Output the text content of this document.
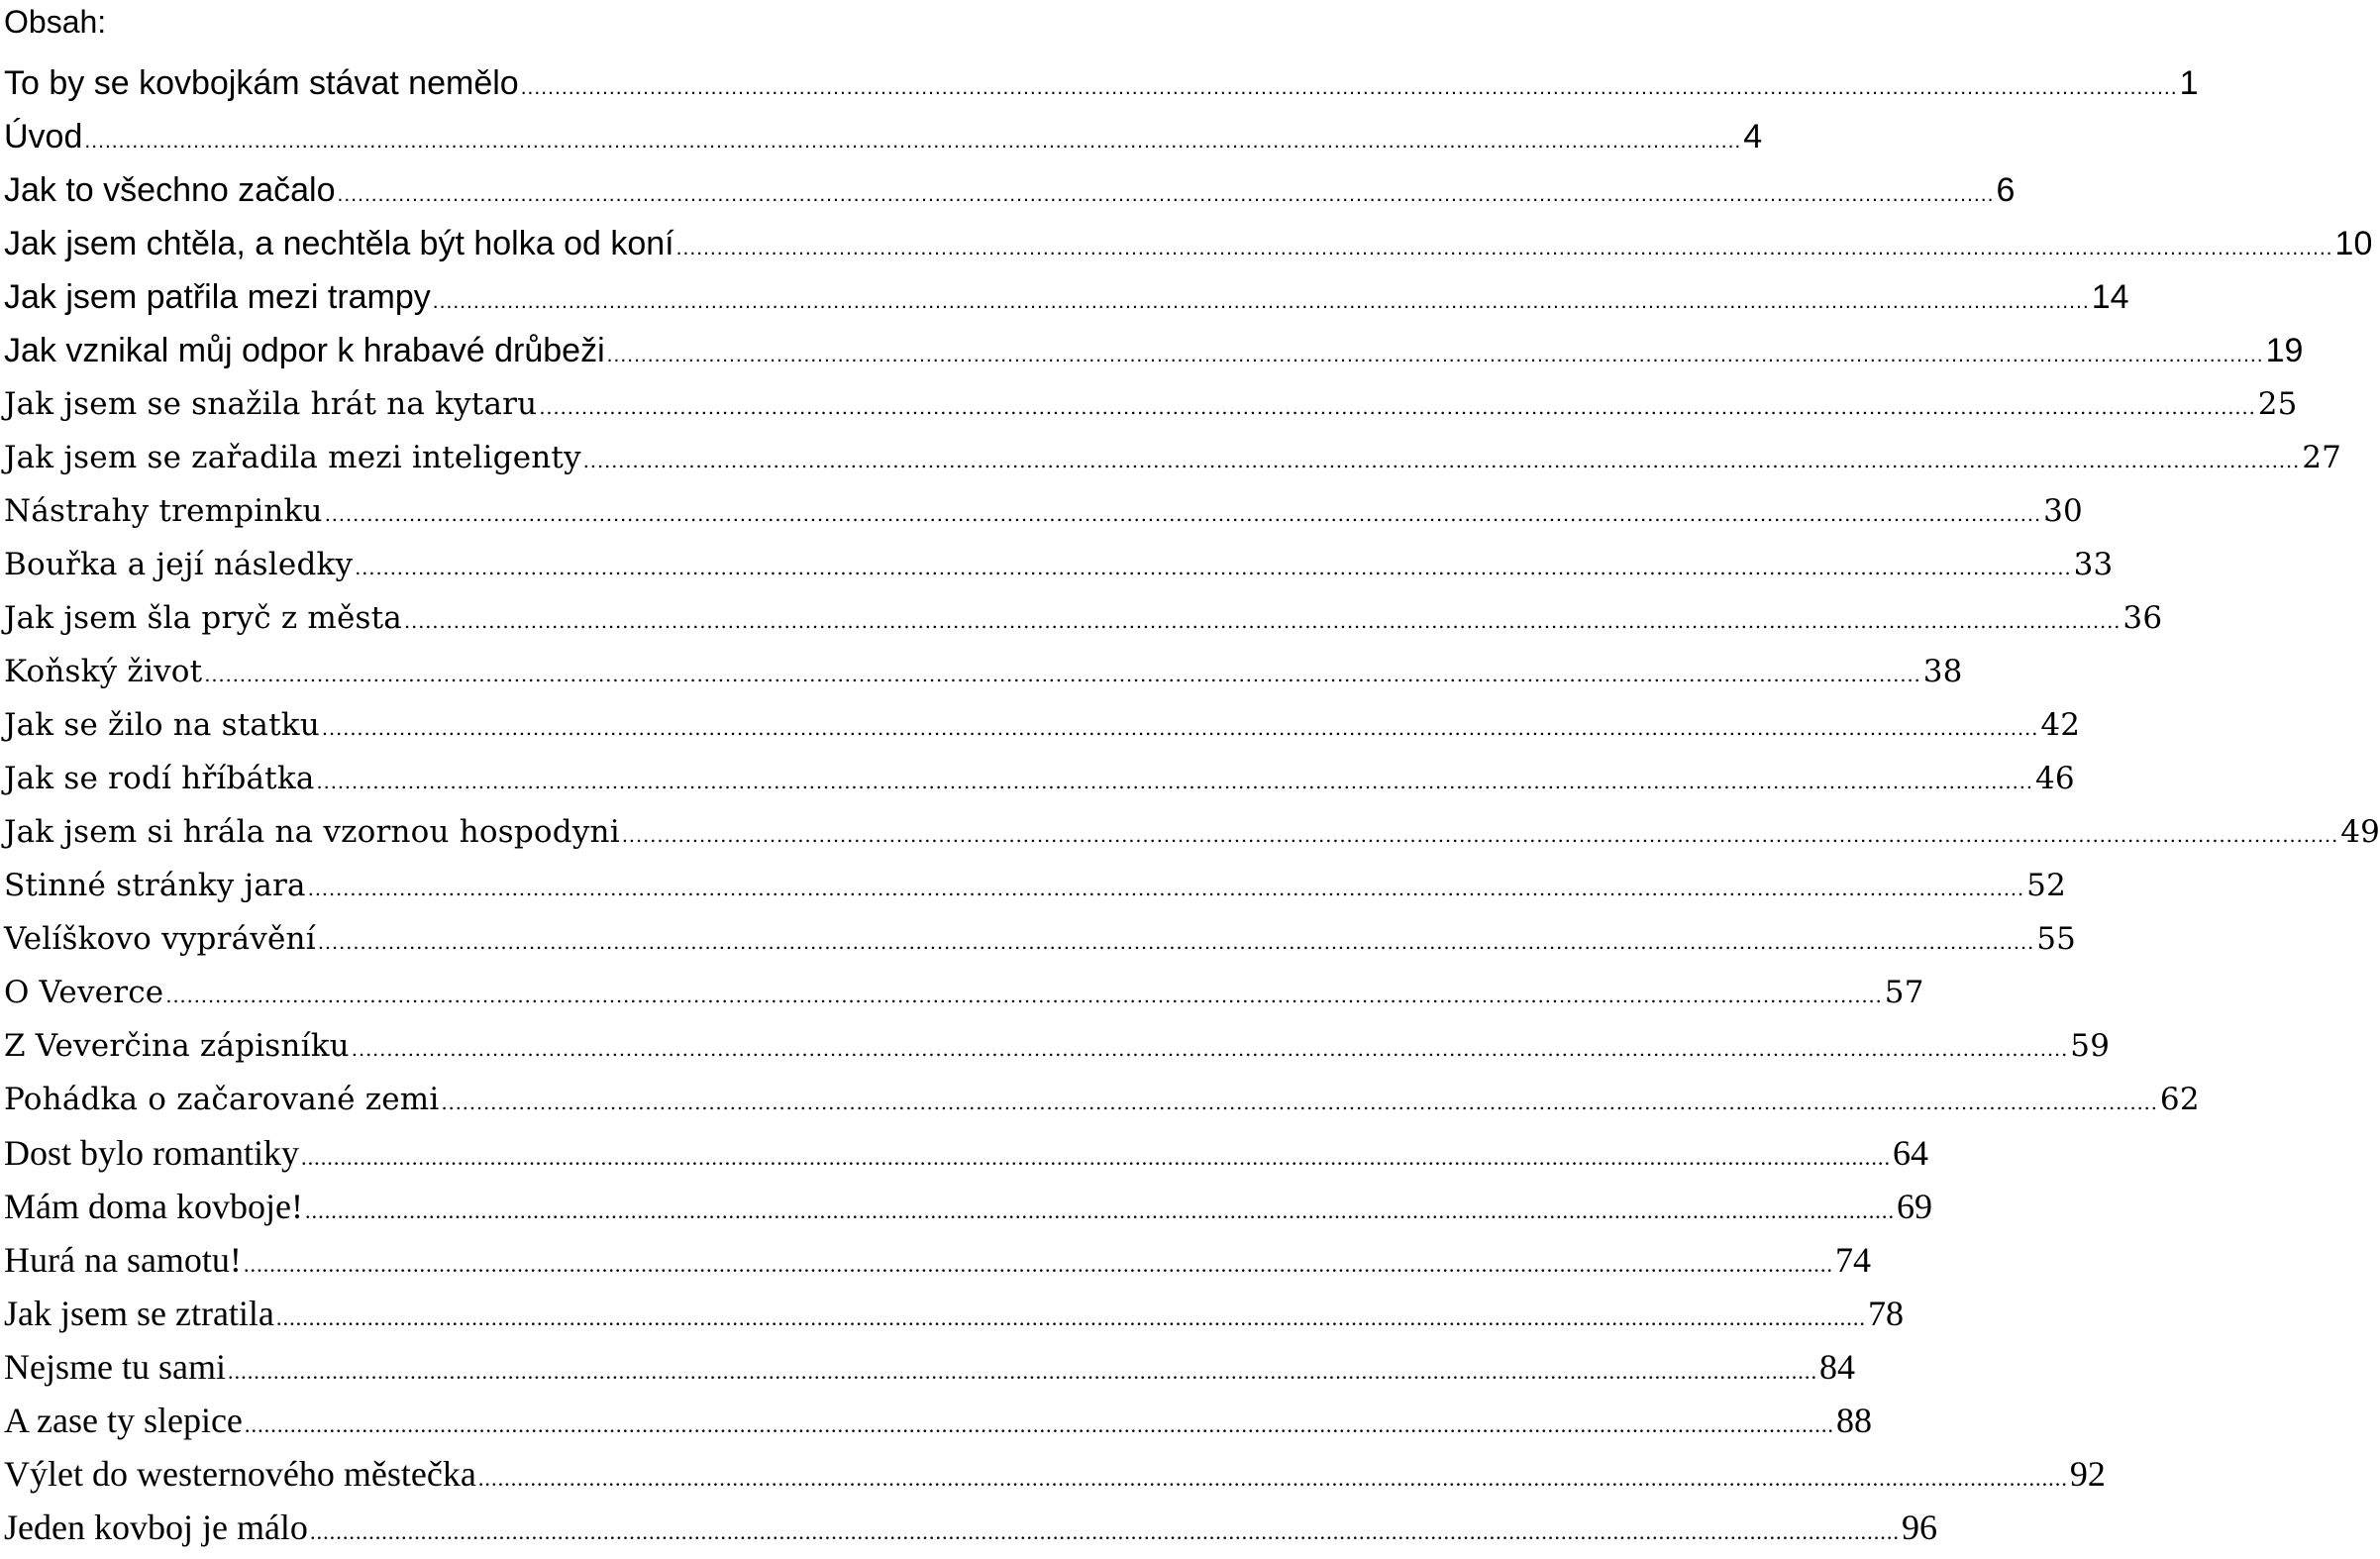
Obsah:
To by se kovbojkám stávat nemělo .....	1
Úvod .....	4
Jak to všechno začalo .....	6
Jak jsem chtěla, a nechtěla být holka od koní .....	10
Jak jsem patřila mezi trampy .....	14
Jak vznikal můj odpor k hrabavé drůbeži .....	19
Jak jsem se snažila hrát na kytaru .....	25
Jak jsem se zařadila mezi inteligenty .....	27
Nástrahy trempinku .....	30
Bouřka a její následky .....	33
Jak jsem šla pryč z města .....	36
Koňský život .....	38
Jak se žilo na statku .....	42
Jak se rodí hříbátka .....	46
Jak jsem si hrála na vzornou hospodyni .....	49
Stinné stránky jara .....	52
Velíškovo vyprávění .....	55
O Veverce .....	57
Z Veverčina zápisníku .....	59
Pohádka o začarované zemi .....	62
Dost bylo romantiky .....	64
Mám doma kovboje! .....	69
Hurá na samotu! .....	74
Jak jsem se ztratila .....	78
Nejsme tu sami .....	84
A zase ty slepice .....	88
Výlet do westernového městečka .....	92
Jeden kovboj je málo .....	96
